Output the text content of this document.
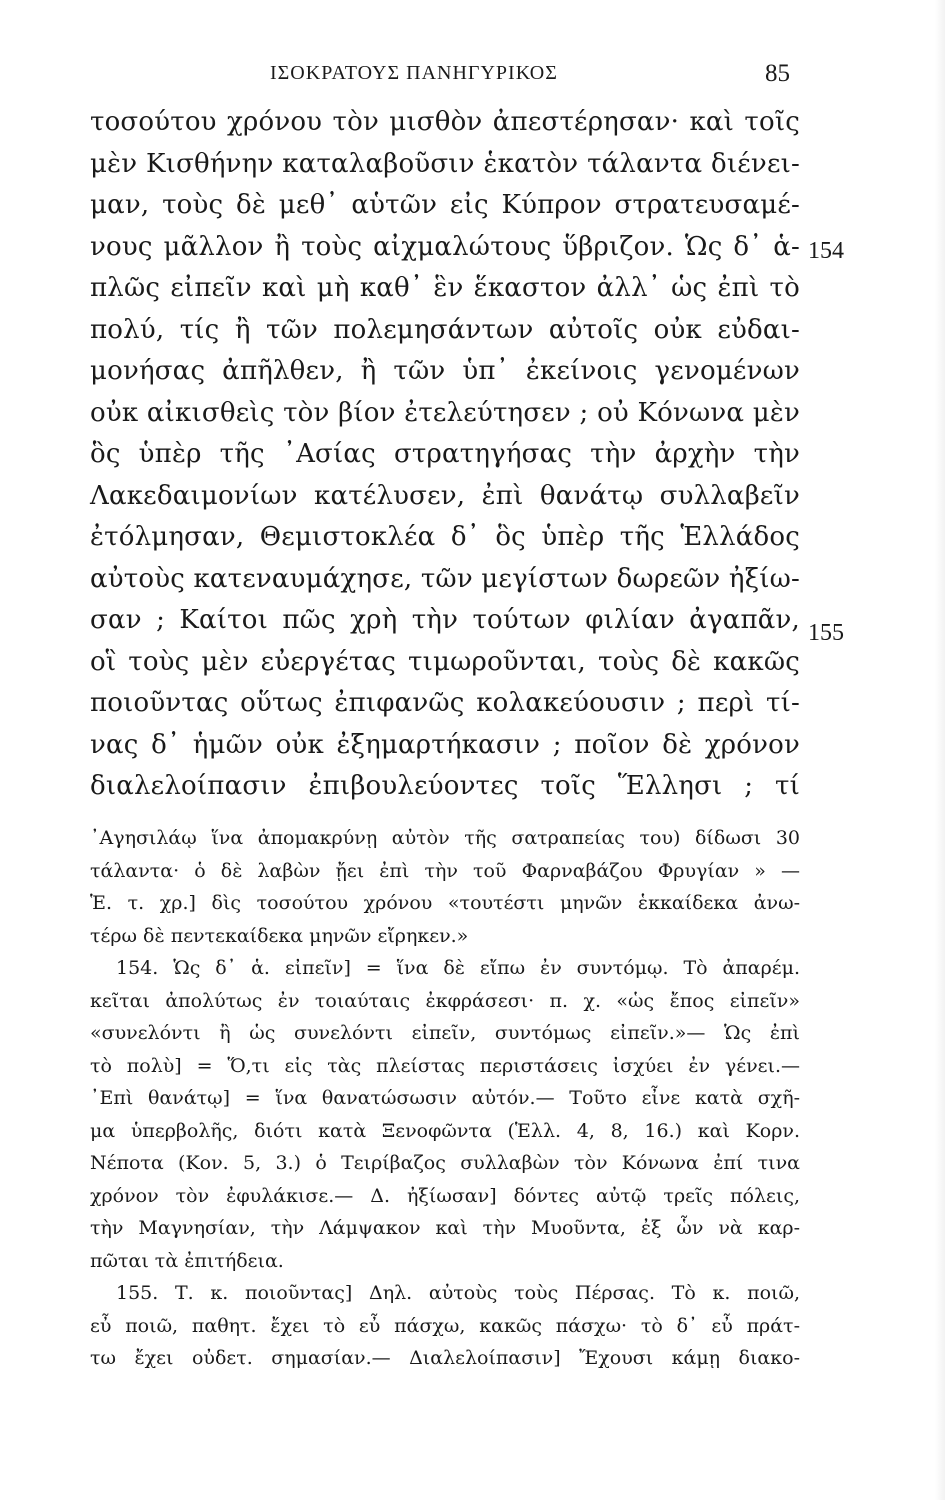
ΙΣΟΚΡΑΤΟΥΣ ΠΑΝΗΓΥΡΙΚΟΣ	85
154
155
τοσούτου χρόνου τὸν μισθὸν ἀπεστέρησαν· καὶ τοῖς
μὲν Κισθήνην καταλαβοῦσιν ἑκατὸν τάλαντα διένει-
μαν, τοὺς δὲ μεθ᾿ αὑτῶν εἰς Κύπρον στρατευσαμέ-
νους μᾶλλον ἢ τοὺς αἰχμαλώτους ὕβριζον. Ὡς δ᾿ ἁ-
πλῶς εἰπεῖν καὶ μὴ καθ᾿ ἓν ἕκαστον ἀλλ᾿ ὡς ἐπὶ τὸ
πολύ, τίς ἢ τῶν πολεμησάντων αὐτοῖς οὐκ εὐδαι-
μονήσας ἀπῆλθεν, ἢ τῶν ὑπ᾿ ἐκείνοις γενομένων
οὐκ αἰκισθεὶς τὸν βίον ἐτελεύτησεν ; οὐ Κόνωνα μὲν
ὃς ὑπὲρ τῆς ᾿Ασίας στρατηγήσας τὴν ἀρχὴν τὴν
Λακεδαιμονίων κατέλυσεν, ἐπὶ θανάτῳ συλλαβεῖν
ἐτόλμησαν, Θεμιστοκλέα δ᾿ ὃς ὑπὲρ τῆς Ἑλλάδος
αὐτοὺς κατεναυμάχησε, τῶν μεγίστων δωρεῶν ἠξίω-
σαν ; Καίτοι πῶς χρὴ τὴν τούτων φιλίαν ἀγαπᾶν,
οἳ τοὺς μὲν εὐεργέτας τιμωροῦνται, τοὺς δὲ κακῶς
ποιοῦντας οὕτως ἐπιφανῶς κολακεύουσιν ; περὶ τί-
νας δ᾿ ἡμῶν οὐκ ἐξημαρτήκασιν ; ποῖον δὲ χρόνον
διαλελοίπασιν ἐπιβουλεύοντες τοῖς Ἕλλησι ; τί
᾿Αγησιλάῳ ἵνα ἀπομακρύνῃ αὐτὸν τῆς σατραπείας του) δίδωσι 30
τάλαντα· ὁ δὲ λαβὼν ᾔει ἐπὶ τὴν τοῦ Φαρναβάζου Φρυγίαν » —
Ἑ. τ. χρ.] δὶς τοσούτου χρόνου «τουτέστι μηνῶν ἑκκαίδεκα ἀνω-
τέρω δὲ πεντεκαίδεκα μηνῶν εἴρηκεν.»
154. Ὡς δ᾿ ἁ. εἰπεῖν] = ἵνα δὲ εἴπω ἐν συντόμῳ. Τὸ ἀπαρέμ.
κεῖται ἀπολύτως ἐν τοιαύταις ἐκφράσεσι· π. χ. «ὡς ἔπος εἰπεῖν»
«συνελόντι ἢ ὡς συνελόντι εἰπεῖν, συντόμως εἰπεῖν.»— Ὡς ἐπὶ
τὸ πολὺ] = Ὅ,τι εἰς τὰς πλείστας περιστάσεις ἰσχύει ἐν γένει.—
᾿Επὶ θανάτῳ] = ἵνα θανατώσωσιν αὐτόν.— Τοῦτο εἶνε κατὰ σχῆ-
μα ὑπερβολῆς, διότι κατὰ Ξενοφῶντα (Ἑλλ. 4, 8, 16.) καὶ Κορν.
Νέποτα (Κον. 5, 3.) ὁ Τειρίβαζος συλλαβὼν τὸν Κόνωνα ἐπί τινα
χρόνον τὸν ἐφυλάκισε.— Δ. ἠξίωσαν] δόντες αὐτῷ τρεῖς πόλεις,
τὴν Μαγνησίαν, τὴν Λάμψακον καὶ τὴν Μυοῦντα, ἐξ ὧν νὰ καρ-
πῶται τὰ ἐπιτήδεια.
155. Τ. κ. ποιοῦντας] Δηλ. αὐτοὺς τοὺς Πέρσας. Τὸ κ. ποιῶ,
εὖ ποιῶ, παθητ. ἔχει τὸ εὖ πάσχω, κακῶς πάσχω· τὸ δ᾿ εὖ πράτ-
τω ἔχει οὐδετ. σημασίαν.— Διαλελοίπασιν] Ἔχουσι κάμῃ διακο-
